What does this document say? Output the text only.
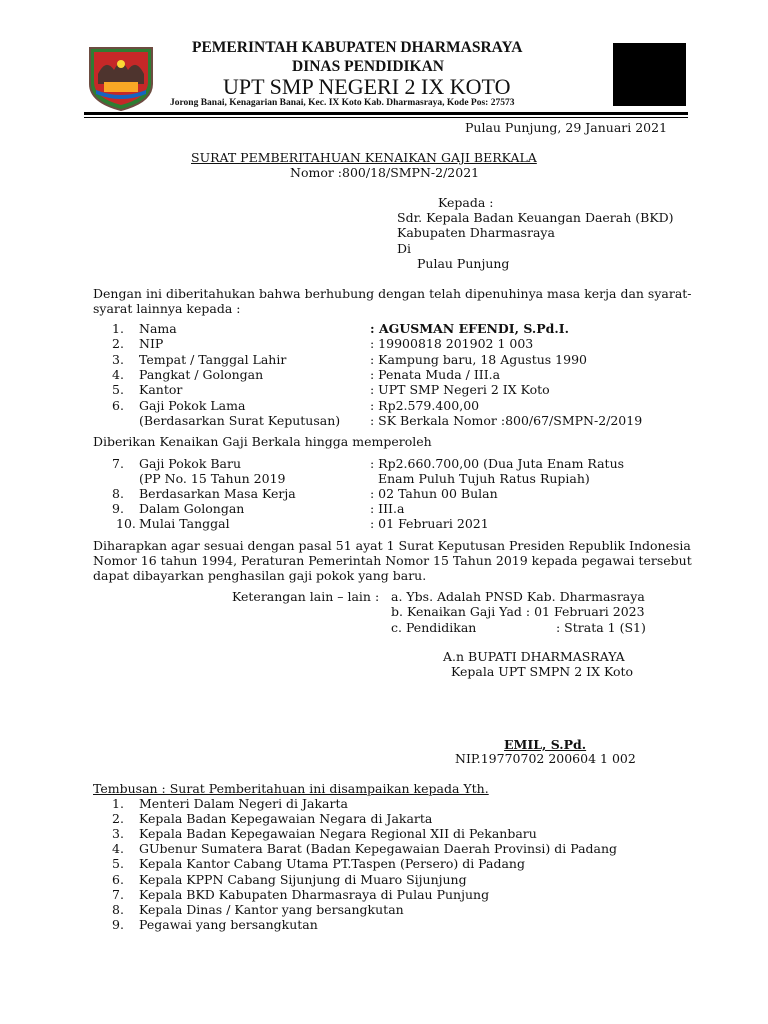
PEMERINTAH KABUPATEN DHARMASRAYA
DINAS PENDIDIKAN
UPT SMP NEGERI 2 IX KOTO
Jorong Banai, Kenagarian Banai, Kec. IX Koto Kab. Dharmasraya, Kode Pos: 27573
Pulau Punjung, 29 Januari 2021
SURAT PEMBERITAHUAN KENAIKAN GAJI BERKALA
Nomor :800/18/SMPN-2/2021
Kepada :
Sdr. Kepala Badan Keuangan Daerah (BKD)
Kabupaten Dharmasraya
Di
Pulau Punjung
Dengan ini diberitahukan bahwa berhubung dengan telah dipenuhinya masa kerja dan syarat-
syarat lainnya kepada :
1. Nama	: AGUSMAN EFENDI, S.Pd.I.
2. NIP	: 19900818 201902 1 003
3. Tempat / Tanggal Lahir	: Kampung baru, 18 Agustus 1990
4. Pangkat / Golongan	: Penata Muda / III.a
5. Kantor	: UPT SMP Negeri 2 IX Koto
6. Gaji Pokok Lama	: Rp2.579.400,00
(Berdasarkan Surat Keputusan) : SK Berkala Nomor :800/67/SMPN-2/2019
Diberikan Kenaikan Gaji Berkala hingga memperoleh
7. Gaji Pokok Baru	: Rp2.660.700,00 (Dua Juta Enam Ratus
(PP No. 15 Tahun 2019	Enam Puluh Tujuh Ratus Rupiah)
8. Berdasarkan Masa Kerja	: 02 Tahun 00 Bulan
9. Dalam Golongan	: III.a
10. Mulai Tanggal	: 01 Februari 2021
Diharapkan agar sesuai dengan pasal 51 ayat 1 Surat Keputusan Presiden Republik Indonesia
Nomor 16 tahun 1994, Peraturan Pemerintah Nomor 15 Tahun 2019 kepada pegawai tersebut
dapat dibayarkan penghasilan gaji pokok yang baru.
Keterangan lain – lain : a. Ybs. Adalah PNSD Kab. Dharmasraya
b. Kenaikan Gaji Yad : 01 Februari 2023
c. Pendidikan	: Strata 1 (S1)
A.n BUPATI DHARMASRAYA
Kepala UPT SMPN 2 IX Koto
EMIL, S.Pd.
NIP.19770702 200604 1 002
Tembusan : Surat Pemberitahuan ini disampaikan kepada Yth.
1. Menteri Dalam Negeri di Jakarta
2. Kepala Badan Kepegawaian Negara di Jakarta
3. Kepala Badan Kepegawaian Negara Regional XII di Pekanbaru
4. GUbenur Sumatera Barat (Badan Kepegawaian Daerah Provinsi) di Padang
5. Kepala Kantor Cabang Utama PT.Taspen (Persero) di Padang
6. Kepala KPPN Cabang Sijunjung di Muaro Sijunjung
7. Kepala BKD Kabupaten Dharmasraya di Pulau Punjung
8. Kepala Dinas / Kantor yang bersangkutan
9. Pegawai yang bersangkutan
